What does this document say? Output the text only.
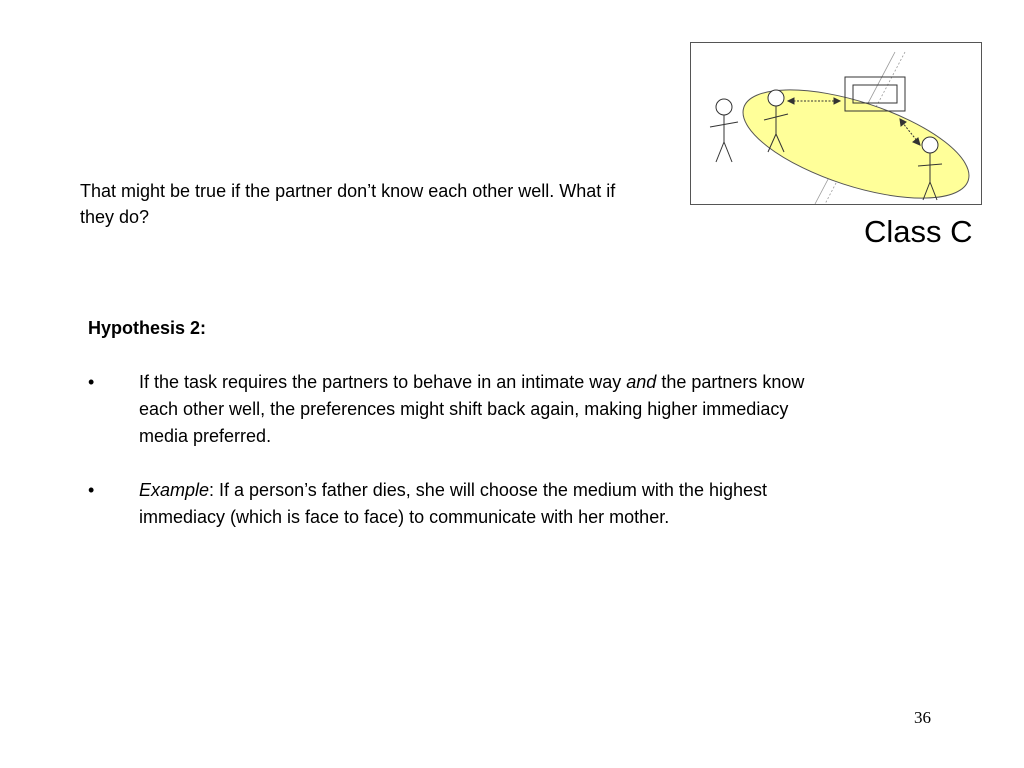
That might be true if the partner don’t know each other well. What if they do?	Class C
Hypothesis 2:
• If the task requires the partners to behave in an intimate way and the partners know each other well, the preferences might shift back again, making higher immediacy media preferred.
• Example: If a person’s father dies, she will choose the medium with the highest immediacy (which is face to face) to communicate with her mother.
36
